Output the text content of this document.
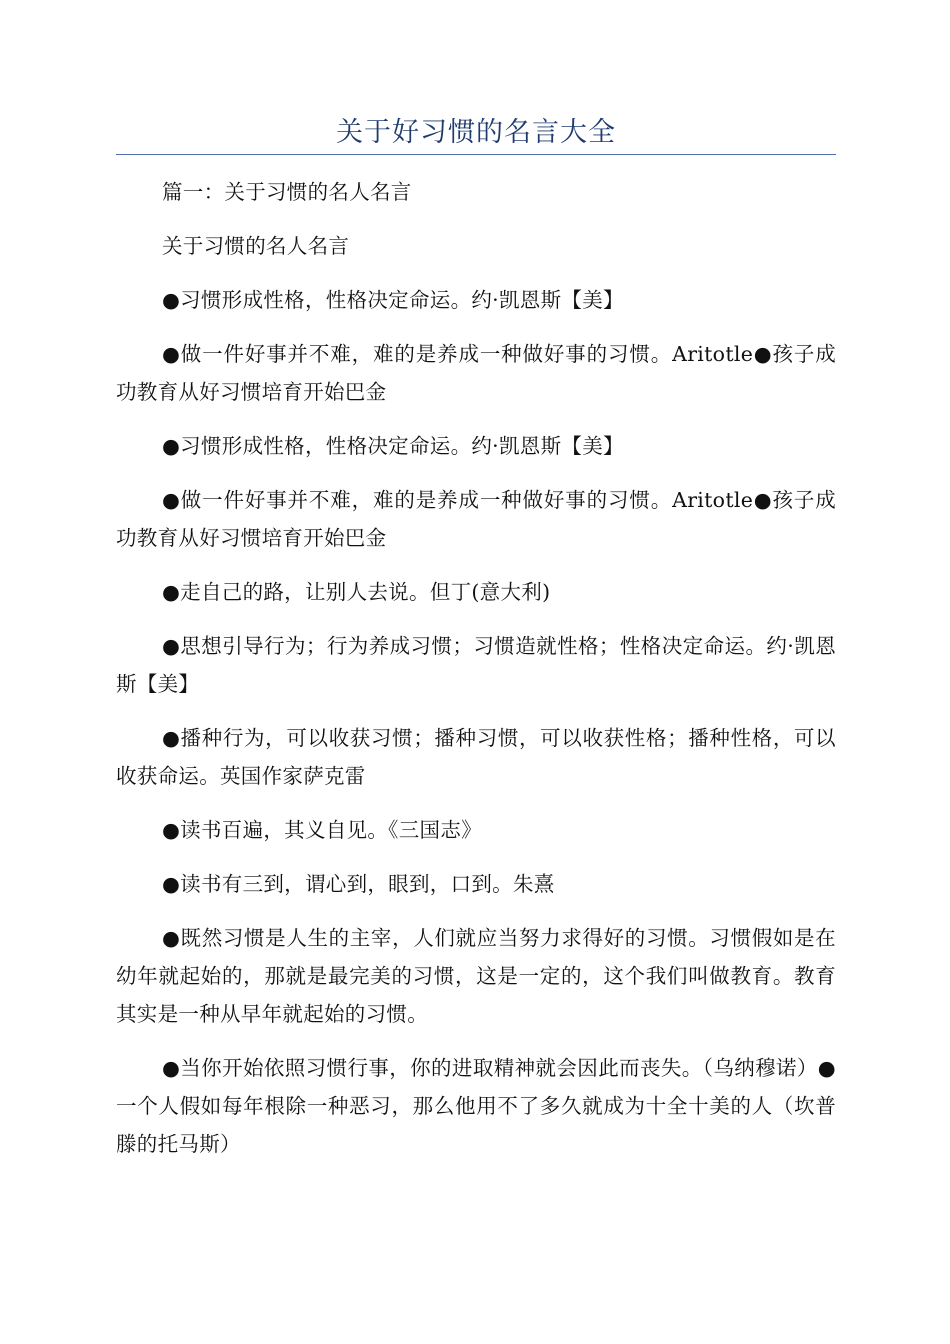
关于好习惯的名言大全

篇一：关于习惯的名人名言

关于习惯的名人名言

●习惯形成性格，性格决定命运。约·凯恩斯【美】

●做一件好事并不难，难的是养成一种做好事的习惯。Aritotle●孩子成功教育从好习惯培育开始巴金

●习惯形成性格，性格决定命运。约·凯恩斯【美】

●做一件好事并不难，难的是养成一种做好事的习惯。Aritotle●孩子成功教育从好习惯培育开始巴金

●走自己的路，让别人去说。但丁(意大利)

●思想引导行为；行为养成习惯；习惯造就性格；性格决定命运。约·凯恩斯【美】

●播种行为，可以收获习惯；播种习惯，可以收获性格；播种性格，可以收获命运。英国作家萨克雷

●读书百遍，其义自见。《三国志》

●读书有三到，谓心到，眼到，口到。朱熹

●既然习惯是人生的主宰，人们就应当努力求得好的习惯。习惯假如是在幼年就起始的，那就是最完美的习惯，这是一定的，这个我们叫做教育。教育其实是一种从早年就起始的习惯。

●当你开始依照习惯行事，你的进取精神就会因此而丧失。（乌纳穆诺）●一个人假如每年根除一种恶习，那么他用不了多久就成为十全十美的人（坎普滕的托马斯）
